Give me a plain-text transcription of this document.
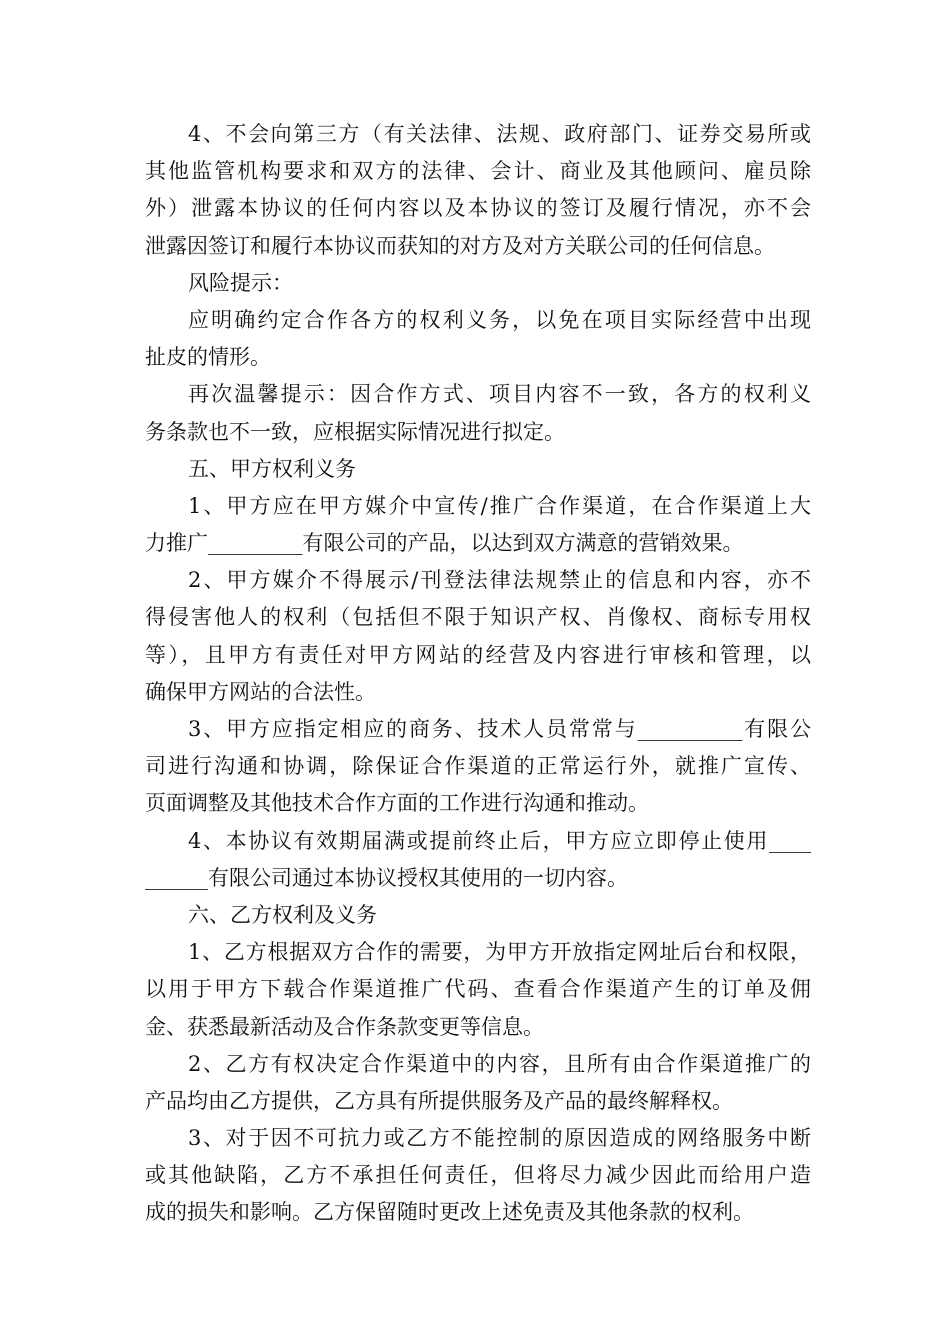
4、不会向第三方（有关法律、法规、政府部门、证券交易所或
其他监管机构要求和双方的法律、会计、商业及其他顾问、雇员除
外）泄露本协议的任何内容以及本协议的签订及履行情况，亦不会
泄露因签订和履行本协议而获知的对方及对方关联公司的任何信息。
风险提示：
应明确约定合作各方的权利义务，以免在项目实际经营中出现
扯皮的情形。
再次温馨提示：因合作方式、项目内容不一致，各方的权利义
务条款也不一致，应根据实际情况进行拟定。
五、甲方权利义务
1、甲方应在甲方媒介中宣传/推广合作渠道，在合作渠道上大
力推广_________有限公司的产品，以达到双方满意的营销效果。
2、甲方媒介不得展示/刊登法律法规禁止的信息和内容，亦不
得侵害他人的权利（包括但不限于知识产权、肖像权、商标专用权
等），且甲方有责任对甲方网站的经营及内容进行审核和管理，以
确保甲方网站的合法性。
3、甲方应指定相应的商务、技术人员常常与__________有限公
司进行沟通和协调，除保证合作渠道的正常运行外，就推广宣传、
页面调整及其他技术合作方面的工作进行沟通和推动。
4、本协议有效期届满或提前终止后，甲方应立即停止使用____
______有限公司通过本协议授权其使用的一切内容。
六、乙方权利及义务
1、乙方根据双方合作的需要，为甲方开放指定网址后台和权限，
以用于甲方下载合作渠道推广代码、查看合作渠道产生的订单及佣
金、获悉最新活动及合作条款变更等信息。
2、乙方有权决定合作渠道中的内容，且所有由合作渠道推广的
产品均由乙方提供，乙方具有所提供服务及产品的最终解释权。
3、对于因不可抗力或乙方不能控制的原因造成的网络服务中断
或其他缺陷，乙方不承担任何责任，但将尽力减少因此而给用户造
成的损失和影响。乙方保留随时更改上述免责及其他条款的权利。
